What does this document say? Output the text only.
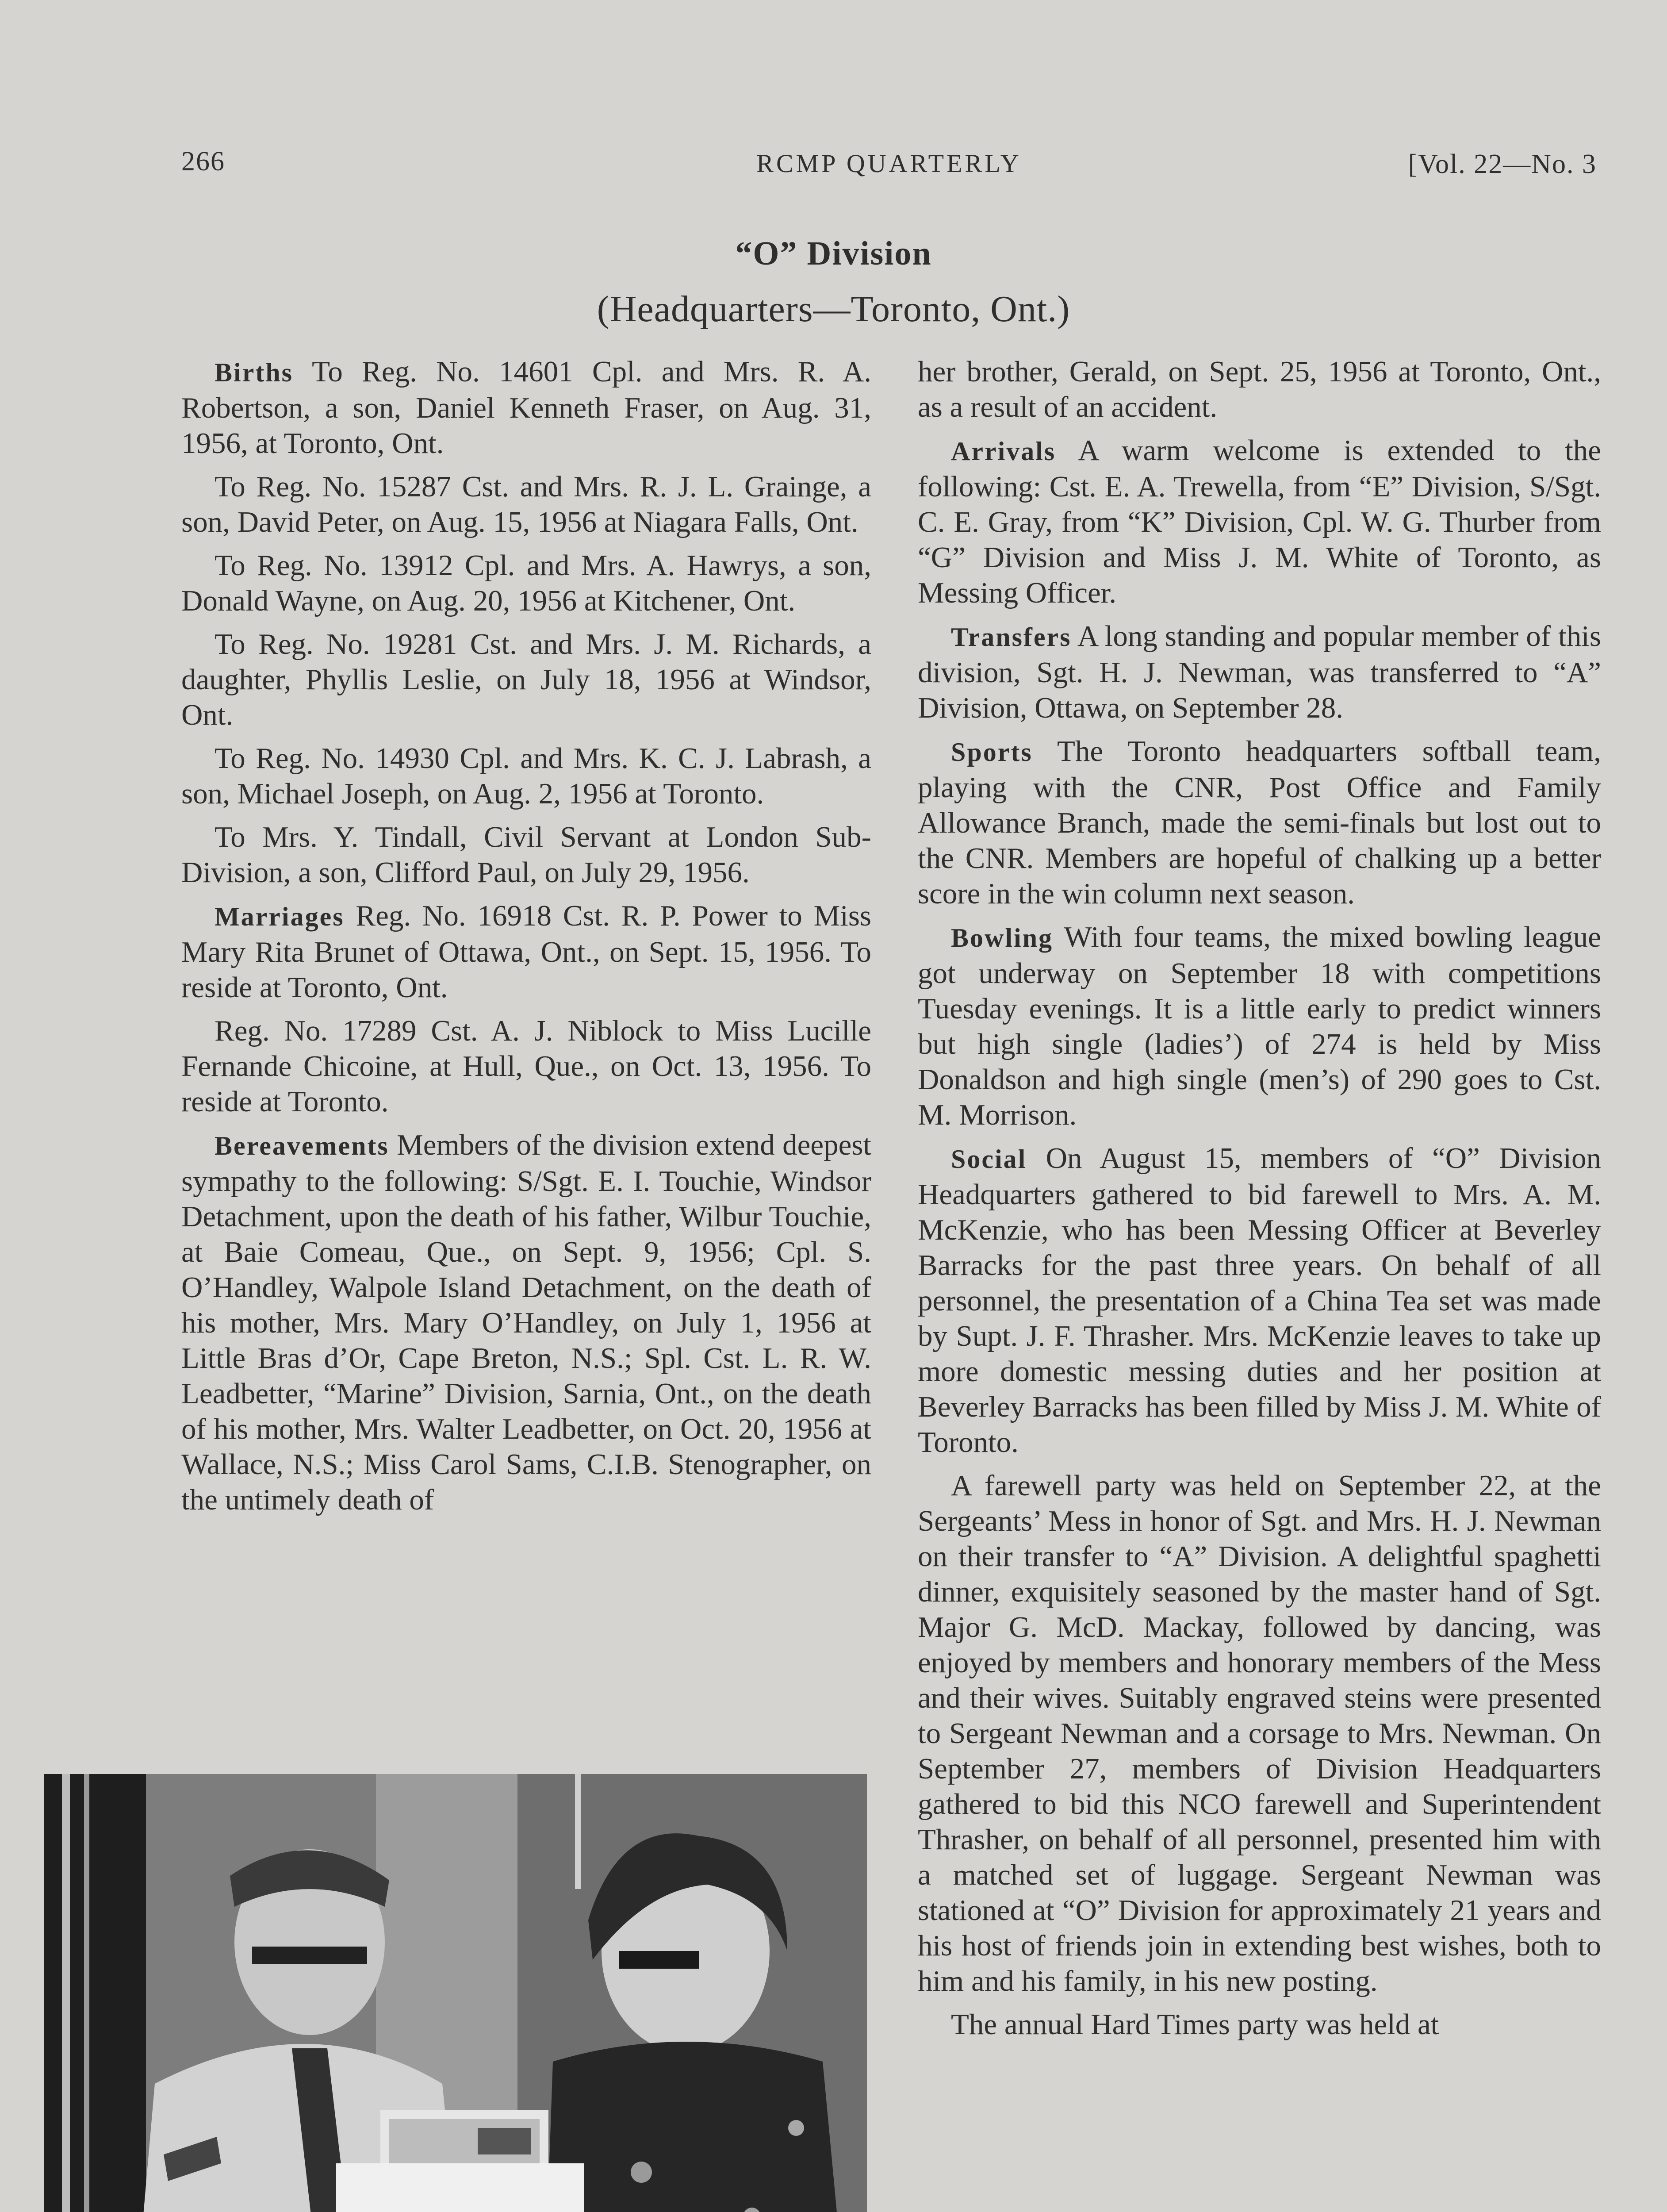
266	RCMP QUARTERLY	[Vol. 22—No. 3
“O” Division
(Headquarters—Toronto, Ont.)

Births To Reg. No. 14601 Cpl. and Mrs. R. A. Robertson, a son, Daniel Kenneth Fraser, on Aug. 31, 1956, at Toronto, Ont.

To Reg. No. 15287 Cst. and Mrs. R. J. L. Grainge, a son, David Peter, on Aug. 15, 1956 at Niagara Falls, Ont.

To Reg. No. 13912 Cpl. and Mrs. A. Hawrys, a son, Donald Wayne, on Aug. 20, 1956 at Kitchener, Ont.

To Reg. No. 19281 Cst. and Mrs. J. M. Richards, a daughter, Phyllis Leslie, on July 18, 1956 at Windsor, Ont.

To Reg. No. 14930 Cpl. and Mrs. K. C. J. Labrash, a son, Michael Joseph, on Aug. 2, 1956 at Toronto.

To Mrs. Y. Tindall, Civil Servant at London Sub-Division, a son, Clifford Paul, on July 29, 1956.

Marriages Reg. No. 16918 Cst. R. P. Power to Miss Mary Rita Brunet of Ottawa, Ont., on Sept. 15, 1956. To reside at Toronto, Ont.

Reg. No. 17289 Cst. A. J. Niblock to Miss Lucille Fernande Chicoine, at Hull, Que., on Oct. 13, 1956. To reside at Toronto.

Bereavements Members of the division extend deepest sympathy to the following: S/Sgt. E. I. Touchie, Windsor Detachment, upon the death of his father, Wilbur Touchie, at Baie Comeau, Que., on Sept. 9, 1956; Cpl. S. O’Handley, Walpole Island Detachment, on the death of his mother, Mrs. Mary O’Handley, on July 1, 1956 at Little Bras d’Or, Cape Breton, N.S.; Spl. Cst. L. R. W. Leadbetter, “Marine” Division, Sarnia, Ont., on the death of his mother, Mrs. Walter Leadbetter, on Oct. 20, 1956 at Wallace, N.S.; Miss Carol Sams, C.I.B. Stenographer, on the untimely death of

her brother, Gerald, on Sept. 25, 1956 at Toronto, Ont., as a result of an accident.

Arrivals A warm welcome is extended to the following: Cst. E. A. Trewella, from “E” Division, S/Sgt. C. E. Gray, from “K” Division, Cpl. W. G. Thurber from “G” Division and Miss J. M. White of Toronto, as Messing Officer.

Transfers A long standing and popular member of this division, Sgt. H. J. Newman, was transferred to “A” Division, Ottawa, on September 28.

Sports The Toronto headquarters softball team, playing with the CNR, Post Office and Family Allowance Branch, made the semi-finals but lost out to the CNR. Members are hopeful of chalking up a better score in the win column next season.

Bowling With four teams, the mixed bowling league got underway on September 18 with competitions Tuesday evenings. It is a little early to predict winners but high single (ladies’) of 274 is held by Miss Donaldson and high single (men’s) of 290 goes to Cst. M. Morrison.

Social On August 15, members of “O” Division Headquarters gathered to bid farewell to Mrs. A. M. McKenzie, who has been Messing Officer at Beverley Barracks for the past three years. On behalf of all personnel, the presentation of a China Tea set was made by Supt. J. F. Thrasher. Mrs. McKenzie leaves to take up more domestic messing duties and her position at Beverley Barracks has been filled by Miss J. M. White of Toronto.

A farewell party was held on September 22, at the Sergeants’ Mess in honor of Sgt. and Mrs. H. J. Newman on their transfer to “A” Division. A delightful spaghetti dinner, exquisitely seasoned by the master hand of Sgt. Major G. McD. Mackay, followed by dancing, was enjoyed by members and honorary members of the Mess and their wives. Suitably engraved steins were presented to Sergeant Newman and a corsage to Mrs. Newman. On September 27, members of Division Headquarters gathered to bid this NCO farewell and Superintendent Thrasher, on behalf of all personnel, presented him with a matched set of luggage. Sergeant Newman was stationed at “O” Division for approximately 21 years and his host of friends join in extending best wishes, both to him and his family, in his new posting.

The annual Hard Times party was held at
